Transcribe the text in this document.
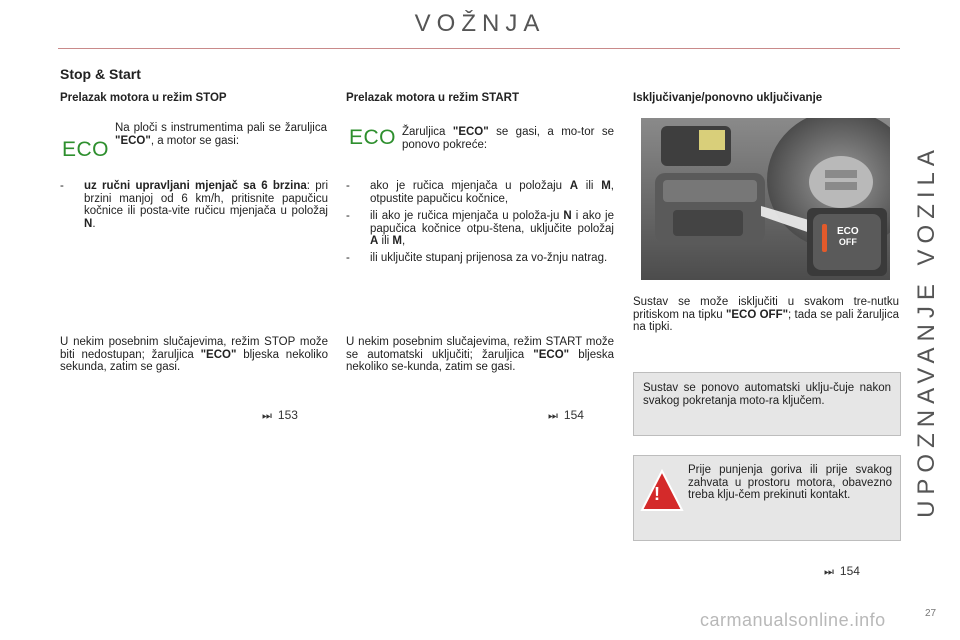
VOŽNJA
UPOZNAVANJE VOZILA
Stop & Start
Prelazak motora u režim STOP
ECO
Na ploči s instrumentima pali se žaruljica "ECO", a motor se gasi:
- uz ručni upravljani mjenjač sa 6 brzina: pri brzini manjoj od 6 km/h, pritisnite papučicu kočnice ili posta-vite ručicu mjenjača u položaj N.
U nekim posebnim slučajevima, režim STOP može biti nedostupan; žaruljica "ECO" bljeska nekoliko sekunda, zatim se gasi.
⏭ 153
Prelazak motora u režim START
ECO Žaruljica "ECO" se gasi, a mo-tor se ponovo pokreće:
- ako je ručica mjenjača u položaju A ili M, otpustite papučicu kočnice,
- ili ako je ručica mjenjača u položa-ju N i ako je papučica kočnice otpu-štena, uključite položaj A ili M,
- ili uključite stupanj prijenosa za vo-žnju natrag.
U nekim posebnim slučajevima, režim START može se automatski uključiti; žaruljica "ECO" bljeska nekoliko se-kunda, zatim se gasi.
⏭ 154
Isključivanje/ponovno uključivanje
ECO
OFF
Sustav se može isključiti u svakom tre-nutku pritiskom na tipku "ECO OFF"; tada se pali žaruljica na tipki.
Sustav se ponovo automatski uklju-čuje nakon svakog pokretanja moto-ra ključem.
!
Prije punjenja goriva ili prije svakog zahvata u prostoru motora, obavezno treba klju-čem prekinuti kontakt.
⏭ 154
carmanualsonline.info	27
